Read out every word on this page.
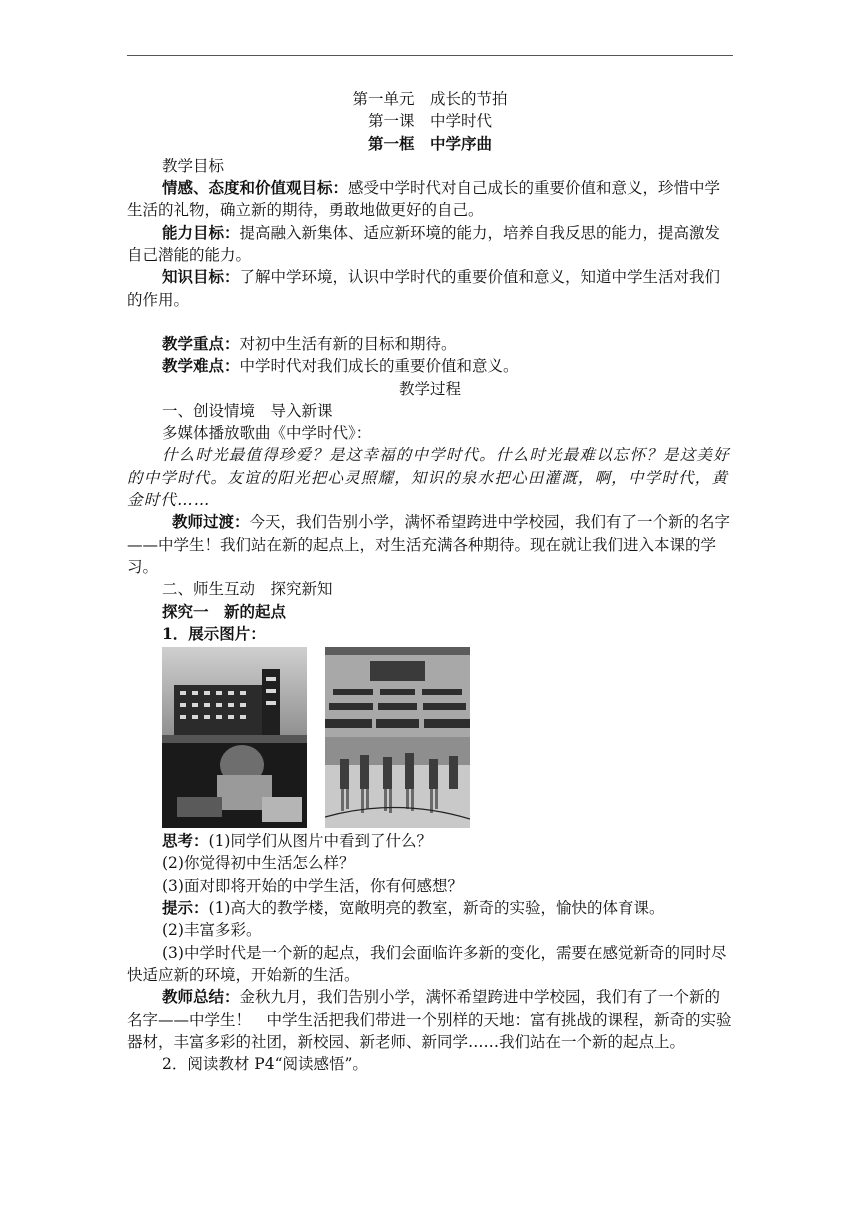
第一单元　成长的节拍

第一课　中学时代

第一框　中学序曲

教学目标

情感、态度和价值观目标：感受中学时代对自己成长的重要价值和意义，珍惜中学生活的礼物，确立新的期待，勇敢地做更好的自己。

能力目标：提高融入新集体、适应新环境的能力，培养自我反思的能力，提高激发自己潜能的能力。

知识目标：了解中学环境，认识中学时代的重要价值和意义，知道中学生活对我们的作用。

教学重点：对初中生活有新的目标和期待。

教学难点：中学时代对我们成长的重要价值和意义。

教学过程

一、创设情境　导入新课

多媒体播放歌曲《中学时代》：

什么时光最值得珍爱？是这幸福的中学时代。什么时光最难以忘怀？是这美好的中学时代。友谊的阳光把心灵照耀，知识的泉水把心田灌溉，啊，中学时代，黄金时代……

教师过渡：今天，我们告别小学，满怀希望跨进中学校园，我们有了一个新的名字——中学生！我们站在新的起点上，对生活充满各种期待。现在就让我们进入本课的学习。

二、师生互动　探究新知

探究一　新的起点

1．展示图片：

思考：(1)同学们从图片中看到了什么？

(2)你觉得初中生活怎么样？

(3)面对即将开始的中学生活，你有何感想？

提示：(1)高大的教学楼，宽敞明亮的教室，新奇的实验，愉快的体育课。

(2)丰富多彩。

(3)中学时代是一个新的起点，我们会面临许多新的变化，需要在感觉新奇的同时尽快适应新的环境，开始新的生活。

教师总结：金秋九月，我们告别小学，满怀希望跨进中学校园，我们有了一个新的名字——中学生！　中学生活把我们带进一个别样的天地：富有挑战的课程，新奇的实验器材，丰富多彩的社团，新校园、新老师、新同学……我们站在一个新的起点上。

2．阅读教材 P4“阅读感悟”。
